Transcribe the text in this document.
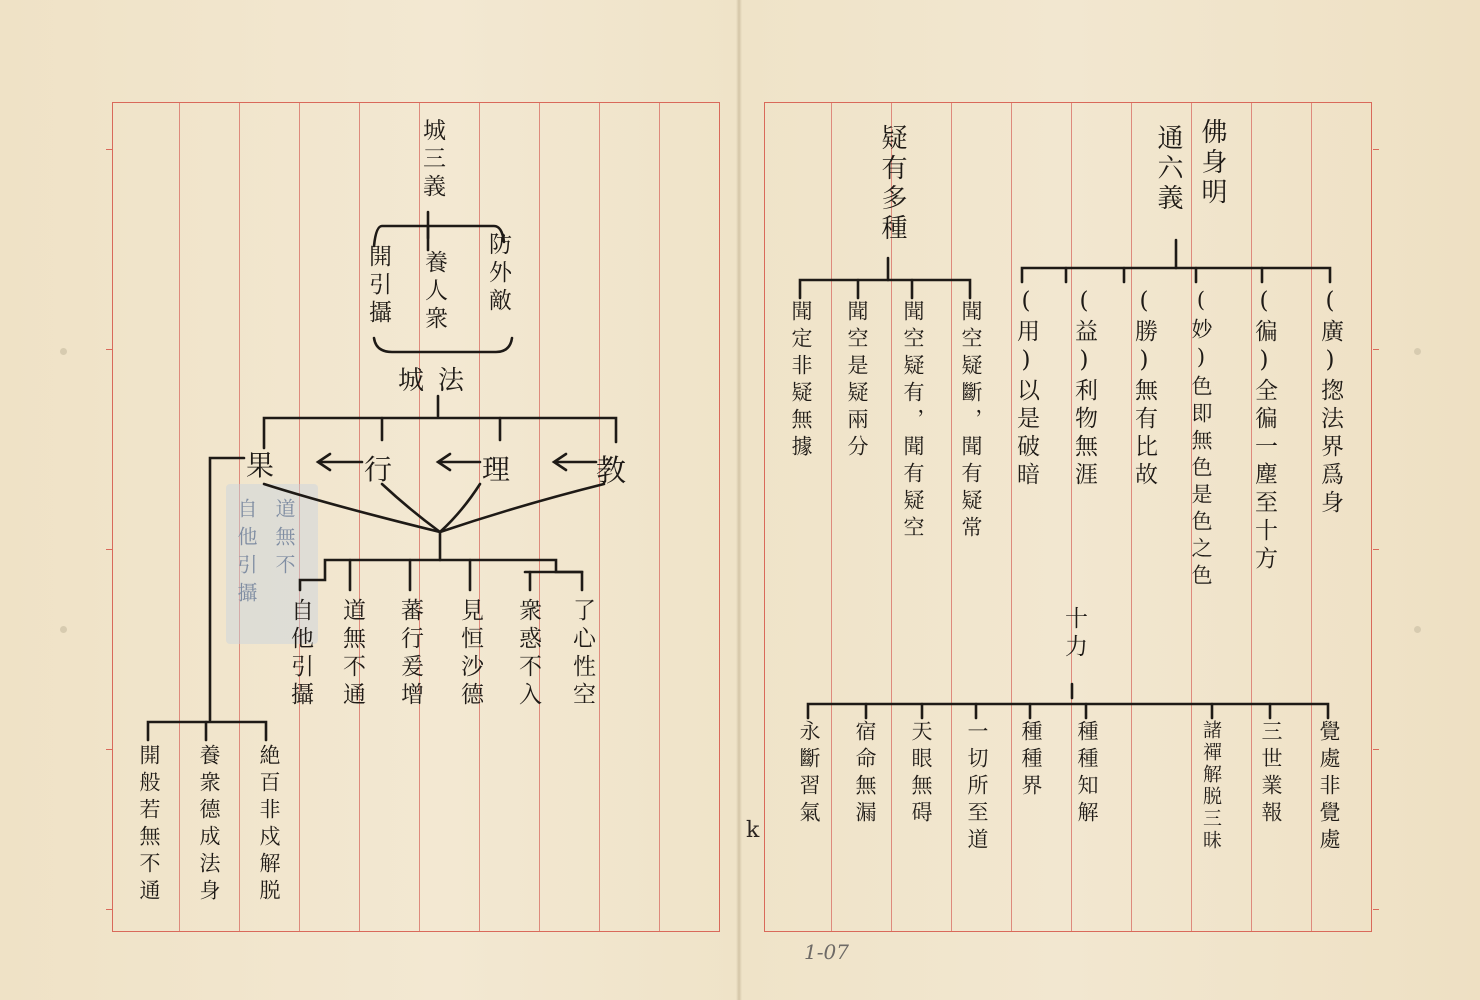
道無不
自他引攝
城三義
防外敵
養人衆
開引攝
城法
教
理
行
果
了心性空
衆惑不入
見恒沙德
蕃行爰增
道無不通
自他引攝
絶百非戍解脱
養衆德成法身
開般若無不通
佛身明
通六義
(廣)揔法界爲身
(徧)全徧一塵至十方
(妙)色即無色是色之色
(勝)無有比故
(益)利物無涯
(用)以是破暗
疑有多種
聞空疑斷，聞有疑常
聞空疑有，聞有疑空
聞空是疑兩分
聞定非疑無據
十力
覺處非覺處
三世業報
諸禪解脱三昧
種種知解
種種界
一切所至道
天眼無碍
宿命無漏
永斷習氣
k
1-07
